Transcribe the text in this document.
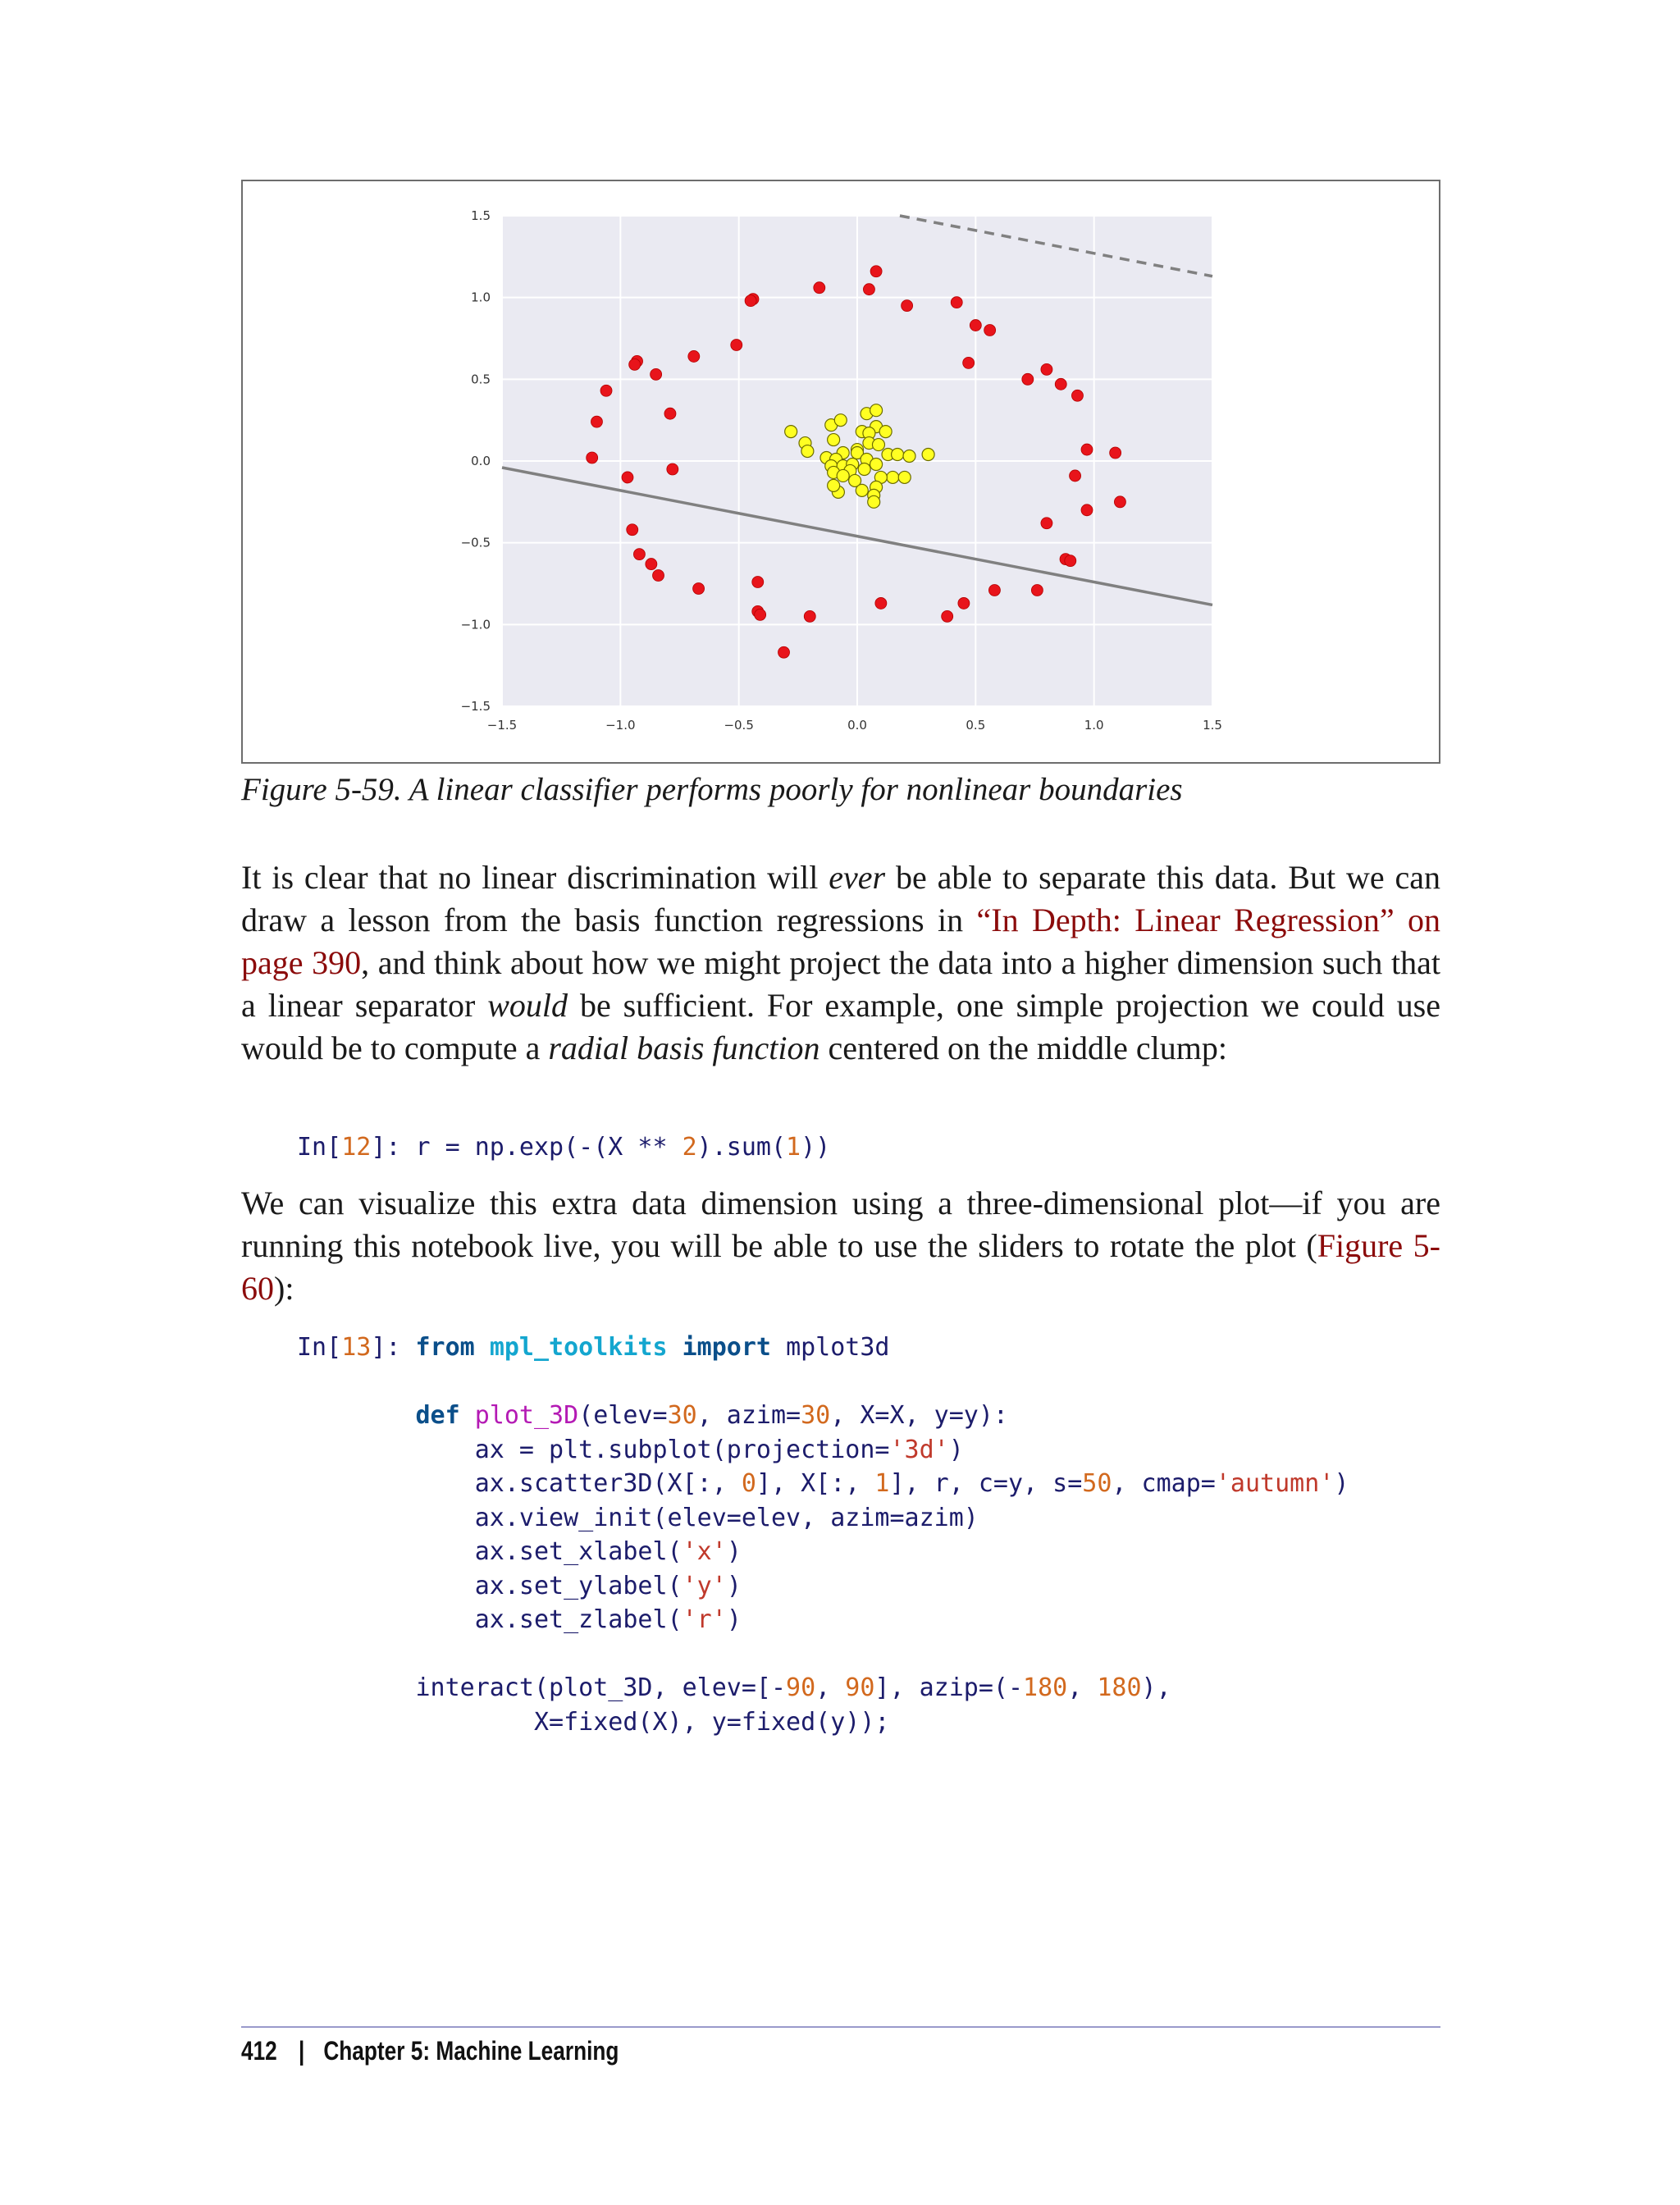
−1.5	−1.0	−0.5	0.0	0.5	1.0	1.5
−1.5
−1.0
−0.5
0.0
0.5
1.0
1.5
Figure 5-59. A linear classifier performs poorly for nonlinear boundaries
It is clear that no linear discrimination will ever be able to separate this data. But we can draw a lesson from the basis function regressions in “In Depth: Linear Regression” on page 390, and think about how we might project the data into a higher dimension such that a linear separator would be sufficient. For example, one simple projection we could use would be to compute a radial basis function centered on the middle clump:
In[12]: r = np.exp(-(X ** 2).sum(1))
We can visualize this extra data dimension using a three-dimensional plot—if you are running this notebook live, you will be able to use the sliders to rotate the plot (Figure 5-60):
In[13]: from mpl_toolkits import mplot3d

def plot_3D(elev=30, azim=30, X=X, y=y):
ax = plt.subplot(projection='3d')
ax.scatter3D(X[:, 0], X[:, 1], r, c=y, s=50, cmap='autumn')
ax.view_init(elev=elev, azim=azim)
ax.set_xlabel('x')
ax.set_ylabel('y')
ax.set_zlabel('r')

interact(plot_3D, elev=[-90, 90], azip=(-180, 180),
X=fixed(X), y=fixed(y));
412 | Chapter 5: Machine Learning
